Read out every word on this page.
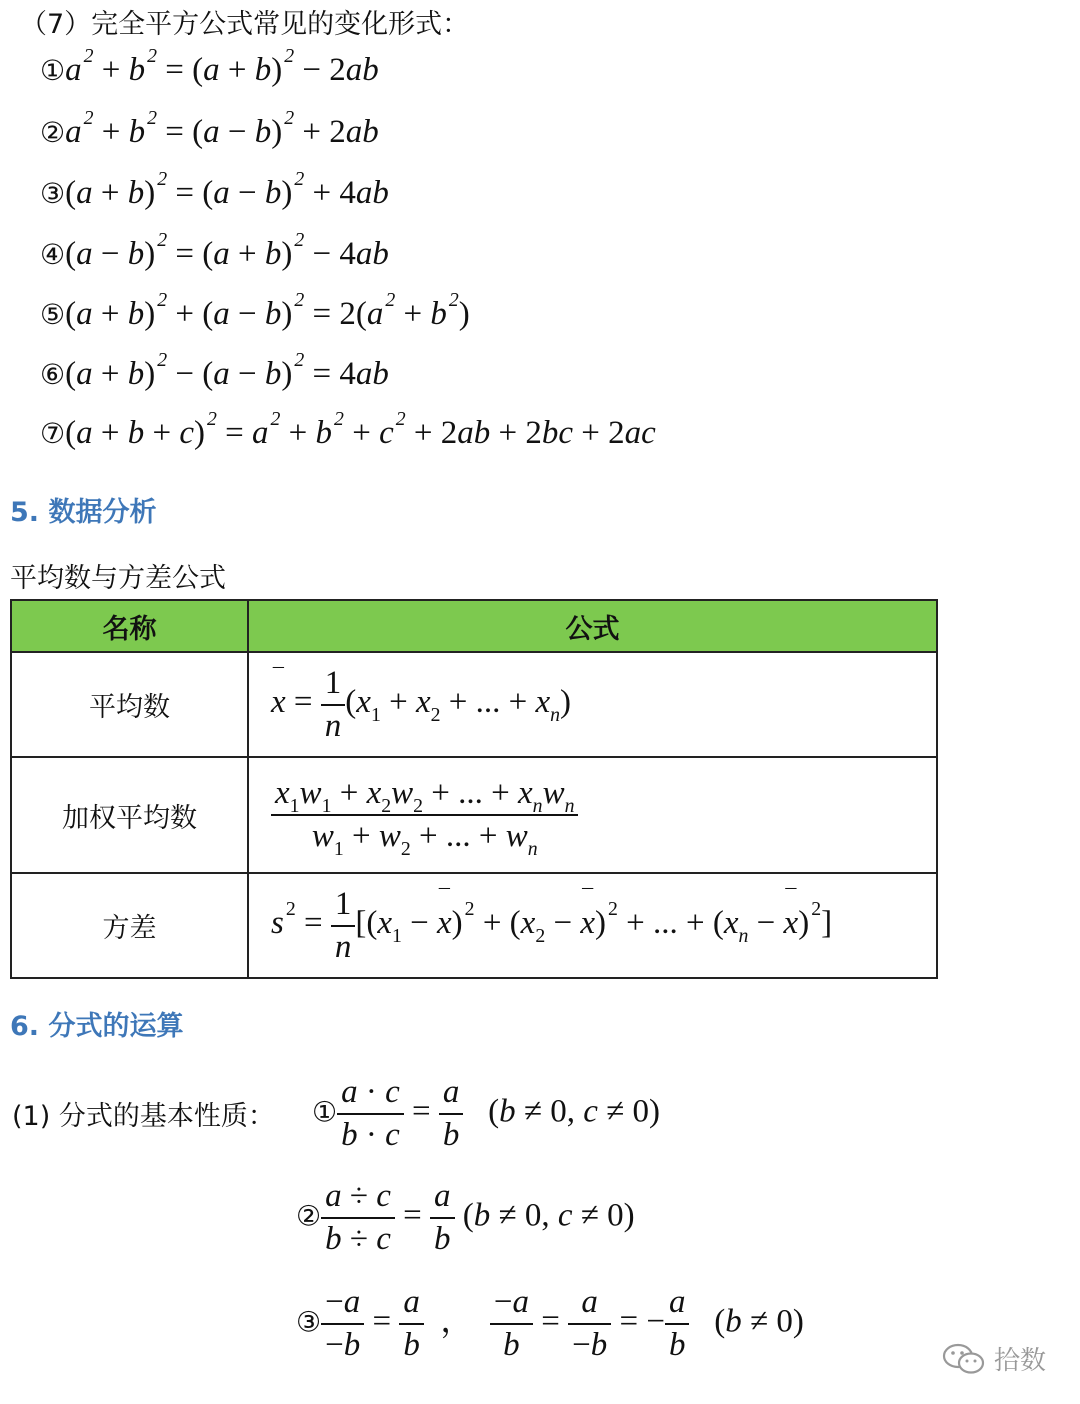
（7）完全平方公式常见的变化形式：
①a $^2$ + b $^2$ = (a + b) $^2$ − 2ab
②a $^2$ + b $^2$ = (a − b) $^2$ + 2ab
③(a + b) $^2$ = (a − b) $^2$ + 4ab
④(a − b) $^2$ = (a + b) $^2$ − 4ab
⑤(a + b) $^2$ + (a − b) $^2$ = 2(a $^2$ + b $^2$)
⑥(a + b) $^2$ − (a − b) $^2$ = 4ab
⑦(a + b + c) $^2$ = a $^2$ + b $^2$ + c $^2$ + 2ab + 2bc + 2ac
5. 数据分析
平均数与方差公式
名称	公式
平均数	¯ $x = \frac{1}{n} (x_1 + x_2$ + ... + $x_n$)
加权平均数	$\frac{x_1w_1 + x_2w_2 + ... + x_nw_n}{w_1 + w_2 + ... + w_n}$

方差	s $^2 = \frac{1}{n} [(x_1$ − ¯ x) $^2 + (x_2$ − ¯ x) $^2$ + ... + ($x_n$ − ¯ x) $^2$]
6. 分式的运算
(1) 分式的基本性质： ① $\frac{a \cdot c}{b \cdot c} = \frac{a}{b} (b \ne 0$, c ≠ 0)
② $\frac{a \div c}{b \div c} = \frac{a}{b} (b \ne 0$, c ≠ 0)
③ $\frac{-a}{-b} = \frac{a}{b}$ ， $\frac{-a}{b} = \frac{a}{-b}$ = − $\frac{a}{b} (b \ne 0)$
拾数
